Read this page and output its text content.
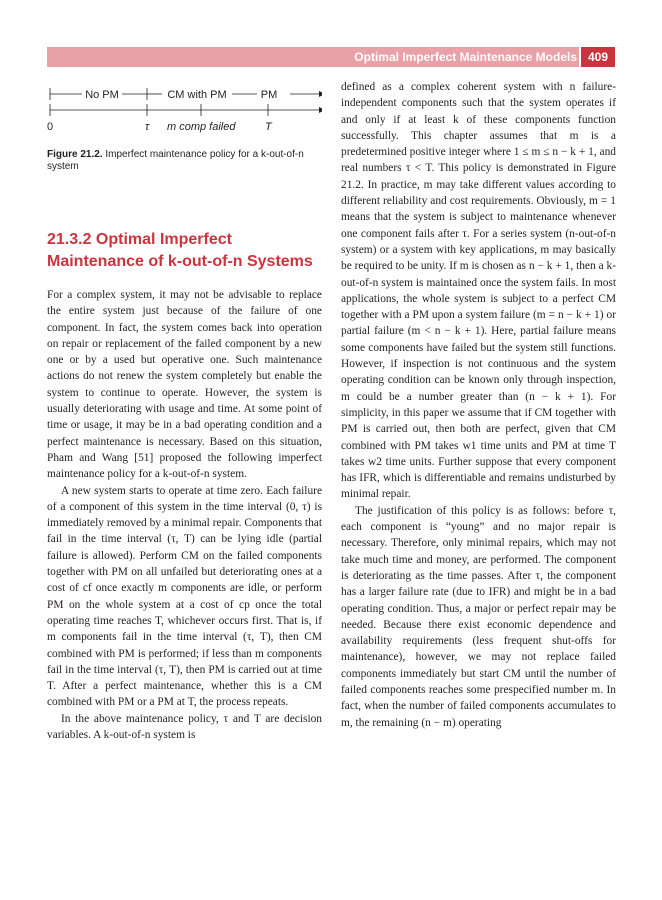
Optimal Imperfect Maintenance Models 409
No PM	CM with PM	PM
0	τ m comp failed	T
Figure 21.2. Imperfect maintenance policy for a k-out-of-n system
21.3.2 Optimal Imperfect
Maintenance of k-out-of-n Systems

For a complex system, it may not be advisable to replace the entire system just because of the failure of one component. In fact, the system comes back into operation on repair or replacement of the failed component by a new one or by a used but operative one. Such maintenance actions do not renew the system completely but enable the system to continue to operate. However, the system is usually deteriorating with usage and time. At some point of time or usage, it may be in a bad operating condition and a perfect maintenance is necessary. Based on this situation, Pham and Wang [51] proposed the following imperfect maintenance policy for a k-out-of-n system.

A new system starts to operate at time zero. Each failure of a component of this system in the time interval (0, τ) is immediately removed by a minimal repair. Components that fail in the time interval (τ, T) can be lying idle (partial failure is allowed). Perform CM on the failed components together with PM on all unfailed but deteriorating ones at a cost of cf once exactly m components are idle, or perform PM on the whole system at a cost of cp once the total operating time reaches T, whichever occurs first. That is, if m components fail in the time interval (τ, T), then CM combined with PM is performed; if less than m components fail in the time interval (τ, T), then PM is carried out at time T. After a perfect maintenance, whether this is a CM combined with PM or a PM at T, the process repeats.

In the above maintenance policy, τ and T are decision variables. A k-out-of-n system is

defined as a complex coherent system with n failure-independent components such that the system operates if and only if at least k of these components function successfully. This chapter assumes that m is a predetermined positive integer where 1 ≤ m ≤ n − k + 1, and real numbers τ < T. This policy is demonstrated in Figure 21.2. In practice, m may take different values according to different reliability and cost requirements. Obviously, m = 1 means that the system is subject to maintenance whenever one component fails after τ. For a series system (n-out-of-n system) or a system with key applications, m may basically be required to be unity. If m is chosen as n − k + 1, then a k-out-of-n system is maintained once the system fails. In most applications, the whole system is subject to a perfect CM together with a PM upon a system failure (m = n − k + 1) or partial failure (m < n − k + 1). Here, partial failure means some components have failed but the system still functions. However, if inspection is not continuous and the system operating condition can be known only through inspection, m could be a number greater than (n − k + 1). For simplicity, in this paper we assume that if CM together with PM is carried out, then both are perfect, given that CM combined with PM takes w1 time units and PM at time T takes w2 time units. Further suppose that every component has IFR, which is differentiable and remains undisturbed by minimal repair.

The justification of this policy is as follows: before τ, each component is “young” and no major repair is necessary. Therefore, only minimal repairs, which may not take much time and money, are performed. The component is deteriorating as the time passes. After τ, the component has a larger failure rate (due to IFR) and might be in a bad operating condition. Thus, a major or perfect repair may be needed. Because there exist economic dependence and availability requirements (less frequent shut-offs for maintenance), however, we may not replace failed components immediately but start CM until the number of failed components reaches some prespecified number m. In fact, when the number of failed components accumulates to m, the remaining (n − m) operating
